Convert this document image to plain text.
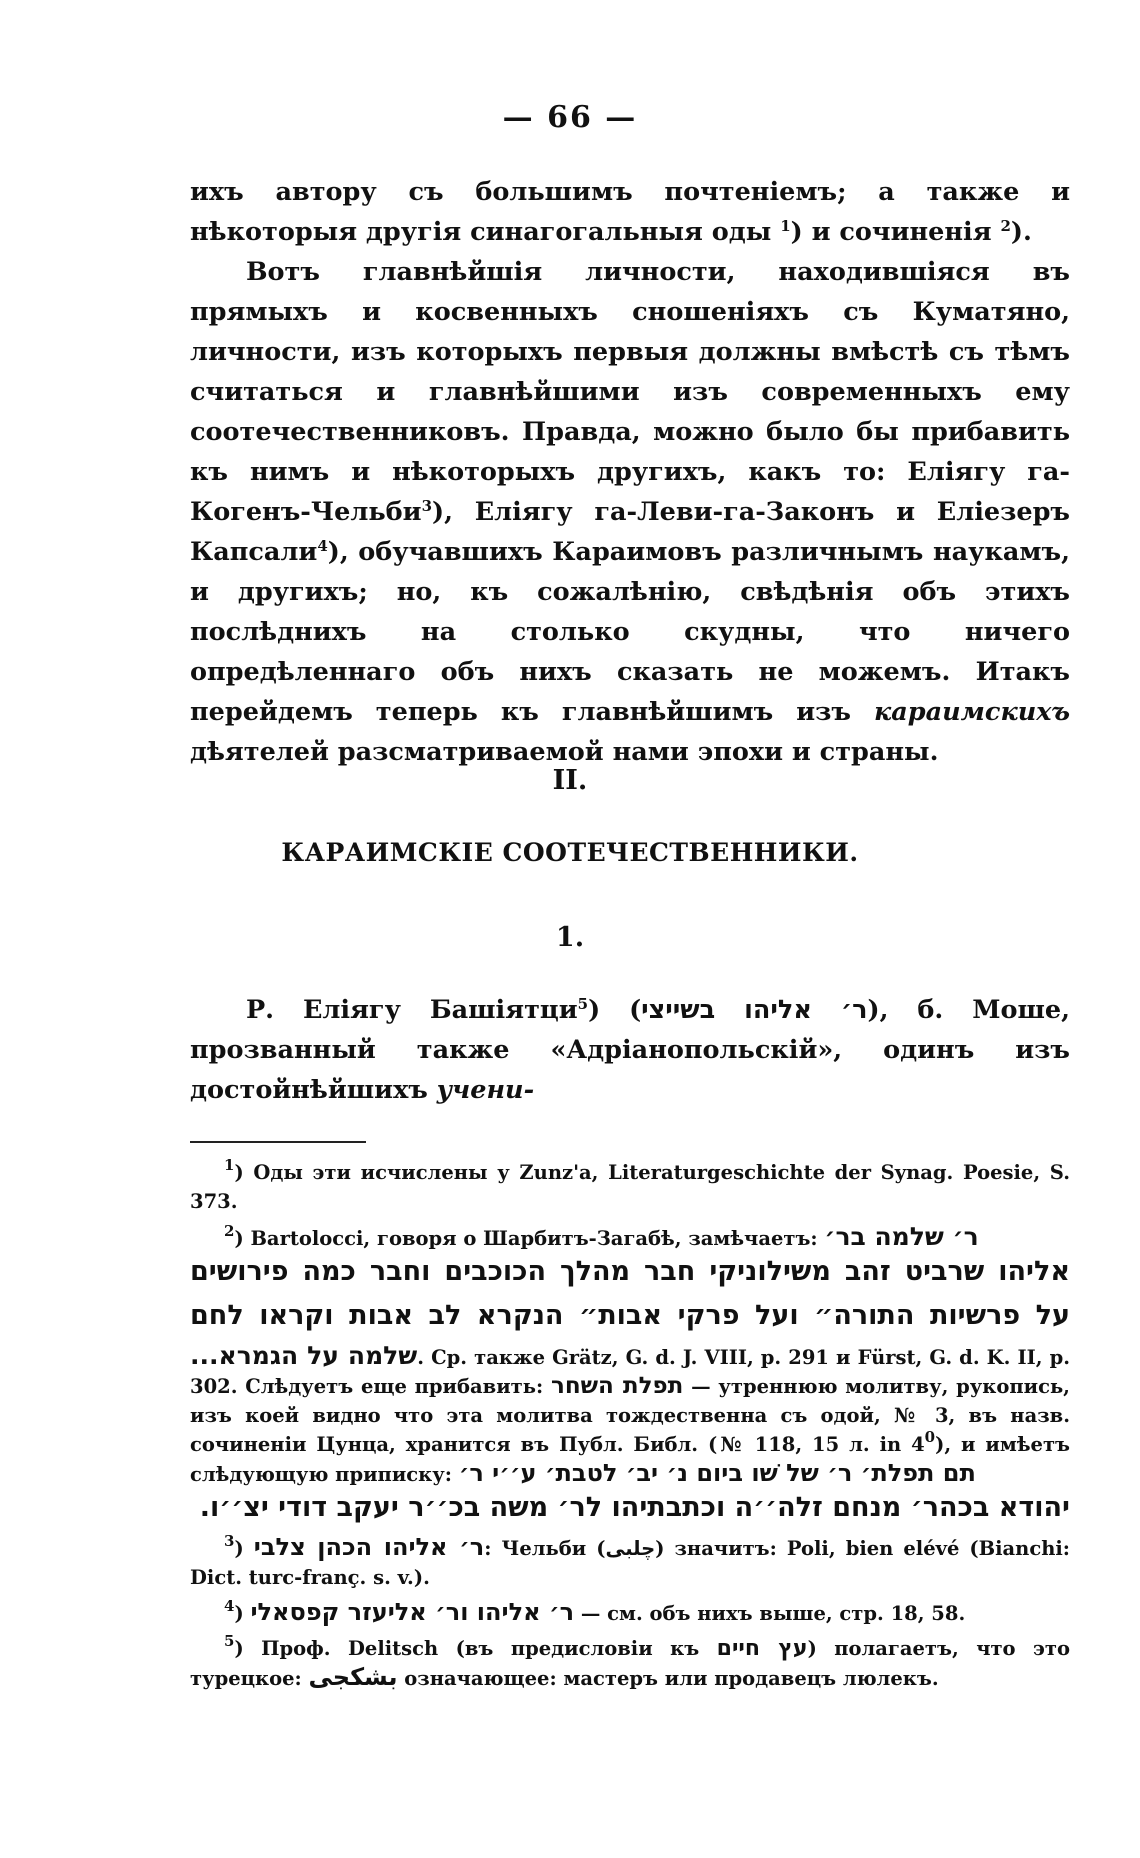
— 66 —

ихъ автору съ большимъ почтеніемъ; а также и нѣкоторыя другія синагогальныя оды $^1$) и сочиненія $^2$).

Вотъ главнѣйшія личности, находившіяся въ прямыхъ и косвенныхъ сношеніяхъ съ Куматяно, личности, изъ которыхъ первыя должны вмѣстѣ съ тѣмъ считаться и главнѣйшими изъ современныхъ ему соотечественниковъ. Правда, можно было бы прибавить къ нимъ и нѣкоторыхъ другихъ, какъ то: Еліягу га-Когенъ-Чельби$^3$), Еліягу га-Леви-га-Законъ и Еліезеръ Капсали$^4$), обучавшихъ Караимовъ различнымъ наукамъ, и другихъ; но, къ сожалѣнію, свѣдѣнія объ этихъ послѣднихъ на столько скудны, что ничего опредѣленнаго объ нихъ сказать не можемъ. Итакъ перейдемъ теперь къ главнѣйшимъ изъ караимскихъ дѣятелей разсматриваемой нами эпохи и страны.

II.
КАРАИМСКІЕ СООТЕЧЕСТВЕННИКИ.
1.

Р. Еліягу Башіятци$^5$) (ר׳ אליהו בשייצי), б. Моше, прозванный также «Адріанопольскій», одинъ изъ достойнѣйшихъ учени-

$^1$) Оды эти исчислены у Zunz'а, Literaturgeschichte der Synag. Poesie, S. 373.

$^2$) Bartolocci, говоря о Шарбитъ-Загабѣ, замѣчаетъ: ר׳ שלמה בר׳

אליהו שרביט זהב משילוניקי חבר מהלך הכוכבים וחבר כמה פירושים

על פרשיות התורה״ ועל פרקי אבות״ הנקרא לב אבות וקראו לחם

שלמה על הגמרא.... Ср. также Grätz, G. d. J. VIII, p. 291 и Fürst, G. d. K. II, p. 302. Слѣдуетъ еще прибавить: תפלת השחר — утреннюю молитву, рукопись, изъ коей видно что эта молитва тождественна съ одой, № 3, въ назв. сочиненіи Цунца, хранится въ Публ. Библ. (№ 118, 15 л. in $4^0$), и имѣетъ слѣдующую приписку: תם תפלת׳ ר׳ של שׁו ביום נ׳ יב׳ לטבת׳ ע׳׳י ר׳

יהודא בכהר׳ מנחם זלה׳׳ה וכתבתיהו לר׳ משה בכ׳׳ר יעקב דודי יצ׳׳ו.

$^3$) ר׳ אליהו הכהן צלבי: Чельби (چلبی) значитъ: Poli, bien elévé (Bianchi: Dict. turc-franç. s. v.).

$^4$) ר׳ אליהו ור׳ אליעזר קפסאלי — см. объ нихъ выше, стр. 18, 58.

$^5$) Проф. Delitsch (въ предисловіи къ עץ חיים) полагаетъ, что это турецкое: بشكجى означающее: мастеръ или продавецъ люлекъ.
